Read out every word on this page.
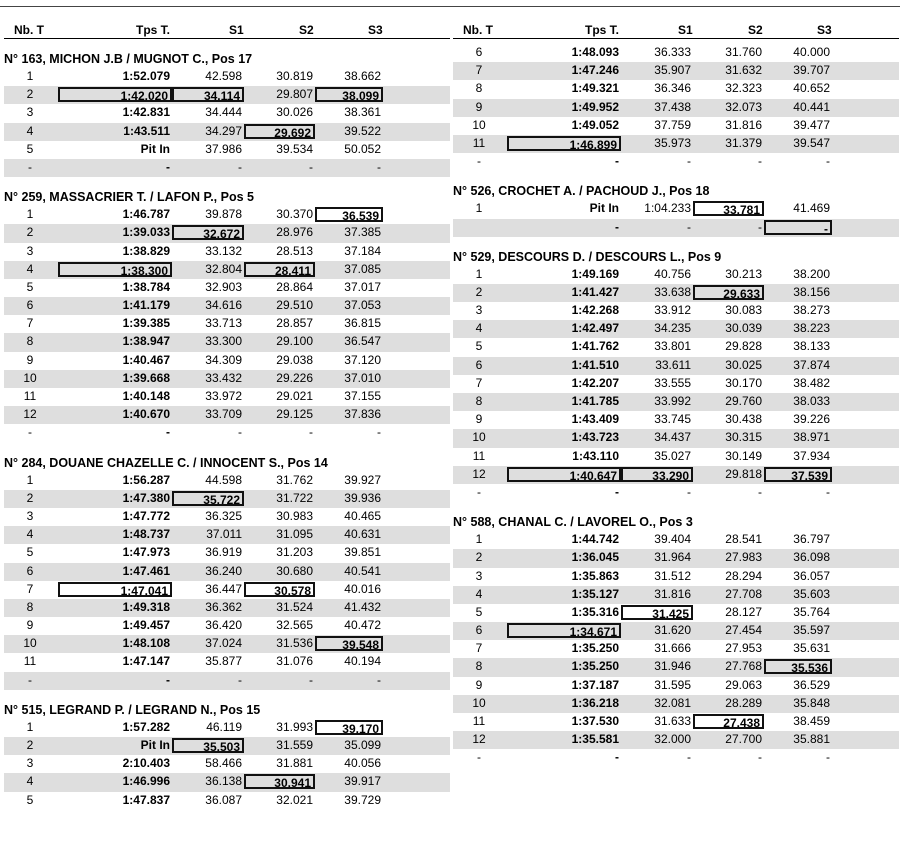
Nb. T	Tps T.	S1	S2	S3
N° 163, MICHON J.B / MUGNOT C., Pos 17
1	1:52.079	42.598	30.819	38.662
2	1:42.020	34.114	29.807	38.099
3	1:42.831	34.444	30.026	38.361
4	1:43.511	34.297	29.692	39.522
5	Pit In	37.986	39.534	50.052
-	-	-	-	-
N° 259, MASSACRIER T. / LAFON P., Pos 5
1	1:46.787	39.878	30.370	36.539
2	1:39.033	32.672	28.976	37.385
3	1:38.829	33.132	28.513	37.184
4	1:38.300	32.804	28.411	37.085
5	1:38.784	32.903	28.864	37.017
6	1:41.179	34.616	29.510	37.053
7	1:39.385	33.713	28.857	36.815
8	1:38.947	33.300	29.100	36.547
9	1:40.467	34.309	29.038	37.120
10	1:39.668	33.432	29.226	37.010
11	1:40.148	33.972	29.021	37.155
12	1:40.670	33.709	29.125	37.836
-	-	-	-	-
N° 284, DOUANE CHAZELLE C. / INNOCENT S., Pos 14
1	1:56.287	44.598	31.762	39.927
2	1:47.380	35.722	31.722	39.936
3	1:47.772	36.325	30.983	40.465
4	1:48.737	37.011	31.095	40.631
5	1:47.973	36.919	31.203	39.851
6	1:47.461	36.240	30.680	40.541
7	1:47.041	36.447	30.578	40.016
8	1:49.318	36.362	31.524	41.432
9	1:49.457	36.420	32.565	40.472
10	1:48.108	37.024	31.536	39.548
11	1:47.147	35.877	31.076	40.194
-	-	-	-	-
N° 515, LEGRAND P. / LEGRAND N., Pos 15
1	1:57.282	46.119	31.993	39.170
2	Pit In	35.503	31.559	35.099
3	2:10.403	58.466	31.881	40.056
4	1:46.996	36.138	30.941	39.917
5	1:47.837	36.087	32.021	39.729
Nb. T	Tps T.	S1	S2	S3
6	1:48.093	36.333	31.760	40.000
7	1:47.246	35.907	31.632	39.707
8	1:49.321	36.346	32.323	40.652
9	1:49.952	37.438	32.073	40.441
10	1:49.052	37.759	31.816	39.477
11	1:46.899	35.973	31.379	39.547
-	-	-	-	-
N° 526, CROCHET A. / PACHOUD J., Pos 18
1	Pit In	1:04.233	33.781	41.469
-	-	-	-
N° 529, DESCOURS D. / DESCOURS L., Pos 9
1	1:49.169	40.756	30.213	38.200
2	1:41.427	33.638	29.633	38.156
3	1:42.268	33.912	30.083	38.273
4	1:42.497	34.235	30.039	38.223
5	1:41.762	33.801	29.828	38.133
6	1:41.510	33.611	30.025	37.874
7	1:42.207	33.555	30.170	38.482
8	1:41.785	33.992	29.760	38.033
9	1:43.409	33.745	30.438	39.226
10	1:43.723	34.437	30.315	38.971
11	1:43.110	35.027	30.149	37.934
12	1:40.647	33.290	29.818	37.539
-	-	-	-	-
N° 588, CHANAL C. / LAVOREL O., Pos 3
1	1:44.742	39.404	28.541	36.797
2	1:36.045	31.964	27.983	36.098
3	1:35.863	31.512	28.294	36.057
4	1:35.127	31.816	27.708	35.603
5	1:35.316	31.425	28.127	35.764
6	1:34.671	31.620	27.454	35.597
7	1:35.250	31.666	27.953	35.631
8	1:35.250	31.946	27.768	35.536
9	1:37.187	31.595	29.063	36.529
10	1:36.218	32.081	28.289	35.848
11	1:37.530	31.633	27.438	38.459
12	1:35.581	32.000	27.700	35.881
-	-	-	-	-
